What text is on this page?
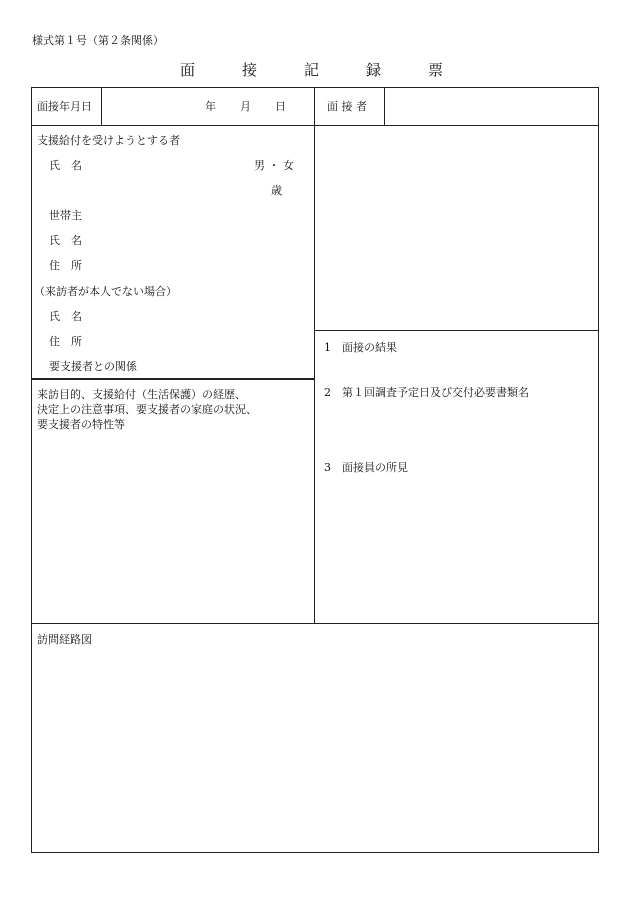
様式第１号（第２条関係）
面	接	記	録	票
面接年月日	年 月 日	面 接 者
支援給付を受けようとする者
氏　名	男 ・ 女
歳
世帯主
氏　名
住　所
（来訪者が本人でない場合）
氏　名
住　所
要支援者との関係
来訪目的、支援給付（生活保護）の経歴、
決定上の注意事項、要支援者の家庭の状況、
要支援者の特性等
1　面接の結果
2　第１回調査予定日及び交付必要書類名
3　面接員の所見
訪問経路図
